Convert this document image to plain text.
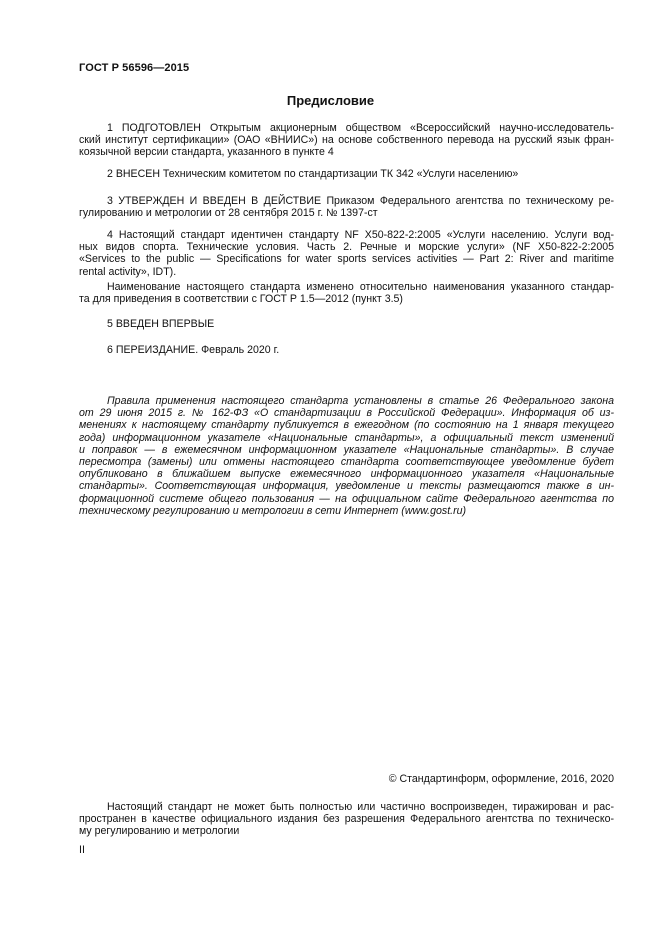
ГОСТ Р 56596—2015
Предисловие
1 ПОДГОТОВЛЕН Открытым акционерным обществом «Всероссийский научно-исследователь-
ский институт сертификации» (ОАО «ВНИИС») на основе собственного перевода на русский язык фран-
коязычной версии стандарта, указанного в пункте 4
2 ВНЕСЕН Техническим комитетом по стандартизации ТК 342 «Услуги населению»
3 УТВЕРЖДЕН И ВВЕДЕН В ДЕЙСТВИЕ Приказом Федерального агентства по техническому ре-
гулированию и метрологии от 28 сентября 2015 г. № 1397-ст
4 Настоящий стандарт идентичен стандарту NF X50-822-2:2005 «Услуги населению. Услуги вод-
ных видов спорта. Технические условия. Часть 2. Речные и морские услуги» (NF X50-822-2:2005
«Services to the public — Specifications for water sports services activities — Part 2: River and maritime
rental activity», IDT).
Наименование настоящего стандарта изменено относительно наименования указанного стандар-
та для приведения в соответствии с ГОСТ Р 1.5—2012 (пункт 3.5)
5 ВВЕДЕН ВПЕРВЫЕ
6 ПЕРЕИЗДАНИЕ. Февраль 2020 г.
Правила применения настоящего стандарта установлены в статье 26 Федерального закона
от 29 июня 2015 г. № 162-ФЗ «О стандартизации в Российской Федерации». Информация об из-
менениях к настоящему стандарту публикуется в ежегодном (по состоянию на 1 января текущего
года) информационном указателе «Национальные стандарты», а официальный текст изменений
и поправок — в ежемесячном информационном указателе «Национальные стандарты». В случае
пересмотра (замены) или отмены настоящего стандарта соответствующее уведомление будет
опубликовано в ближайшем выпуске ежемесячного информационного указателя «Национальные
стандарты». Соответствующая информация, уведомление и тексты размещаются также в ин-
формационной системе общего пользования — на официальном сайте Федерального агентства по
техническому регулированию и метрологии в сети Интернет (www.gost.ru)
© Стандартинформ, оформление, 2016, 2020
Настоящий стандарт не может быть полностью или частично воспроизведен, тиражирован и рас-
пространен в качестве официального издания без разрешения Федерального агентства по техническо-
му регулированию и метрологии
II
